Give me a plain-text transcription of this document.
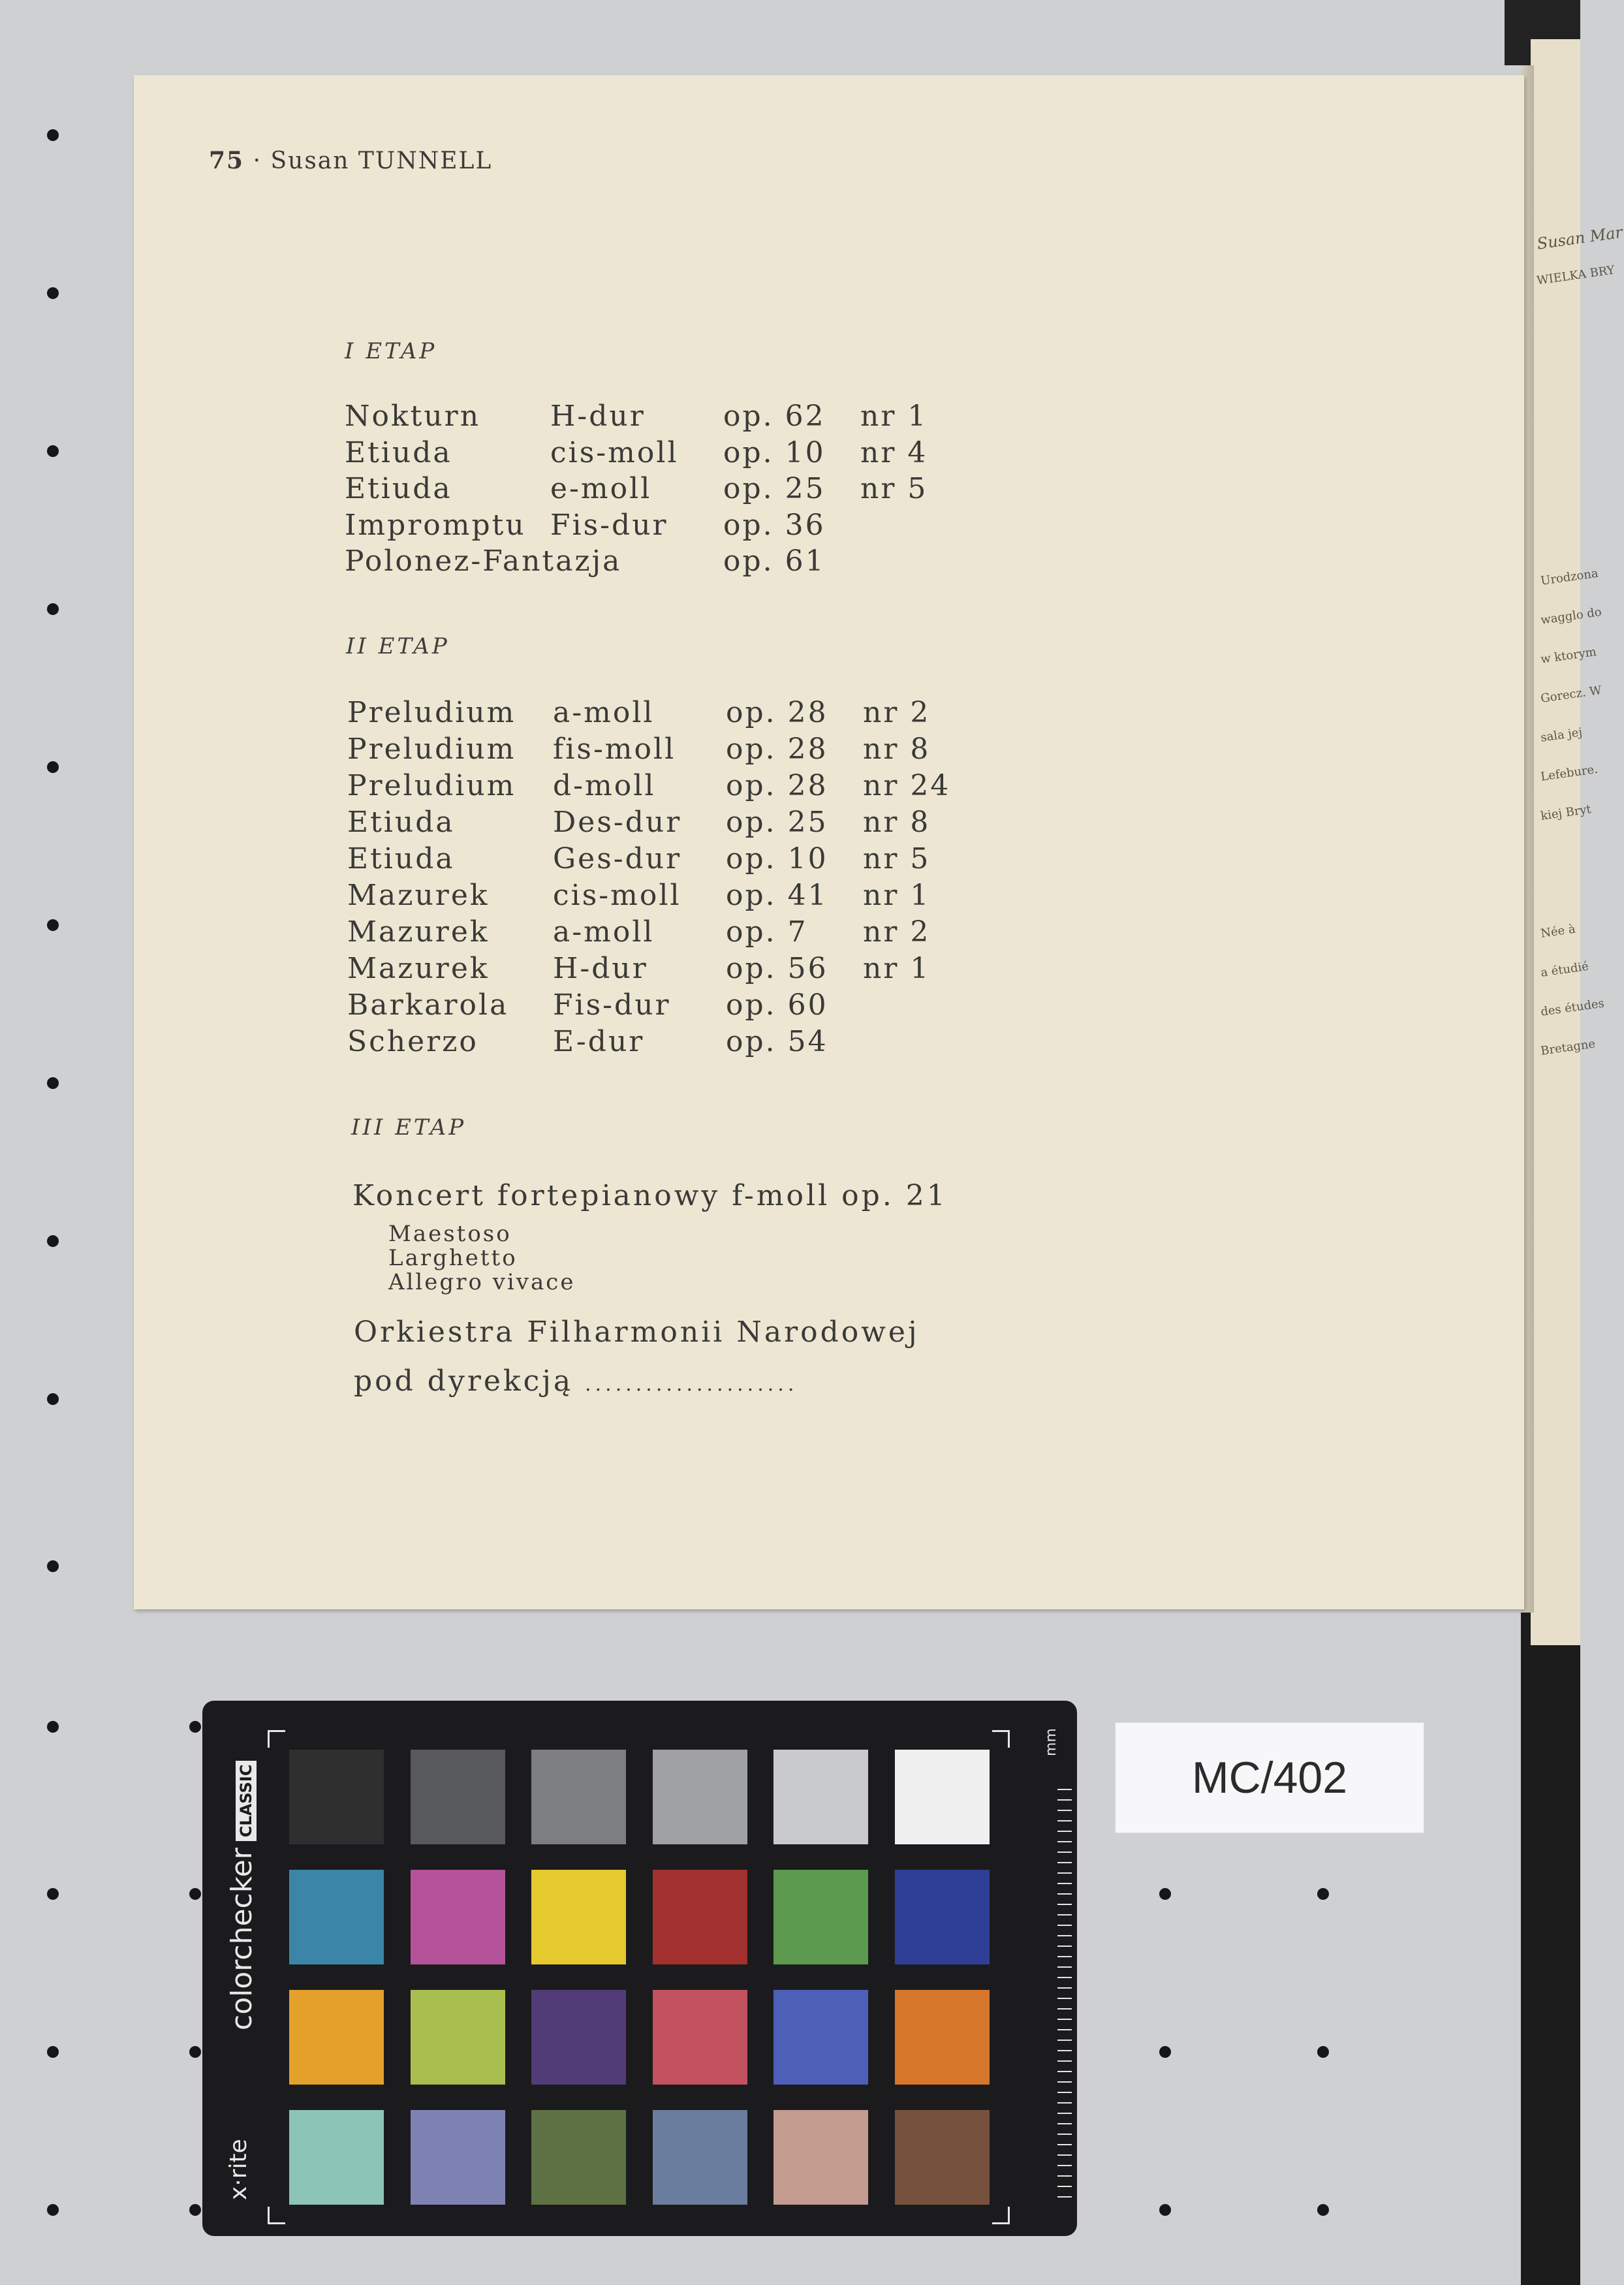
Susan Mar
WIELKA BRY
Urodzona
wagglo do
w ktorym
Gorecz. W
sala jej
Lefebure.
kiej Bryt
Née à
a étudié
des études
Bretagne
75 · Susan TUNNELL
I ETAP
Nokturn H-dur	op. 62 nr 1
Etiuda	cis-moll op. 10 nr 4
Etiuda	e-moll op. 25 nr 5
Impromptu Fis-dur op. 36
Polonez-Fantazja	op. 61
II ETAP
Preludium a-moll op. 28 nr 2
Preludium fis-moll op. 28 nr 8
Preludium d-moll op. 28 nr 24
Etiuda	Des-dur op. 25 nr 8
Etiuda	Ges-dur op. 10 nr 5
Mazurek cis-moll op. 41 nr 1
Mazurek a-moll op. 7 nr 2
Mazurek H-dur	op. 56 nr 1
Barkarola Fis-dur op. 60
Scherzo	E-dur	op. 54
III ETAP
Koncert fortepianowy f-moll op. 21
Maestoso
Larghetto
Allegro vivace
Orkiestra Filharmonii Narodowej
pod dyrekcją .....................
colorcheckerCLASSIC
x·rite
mm
MC/402
